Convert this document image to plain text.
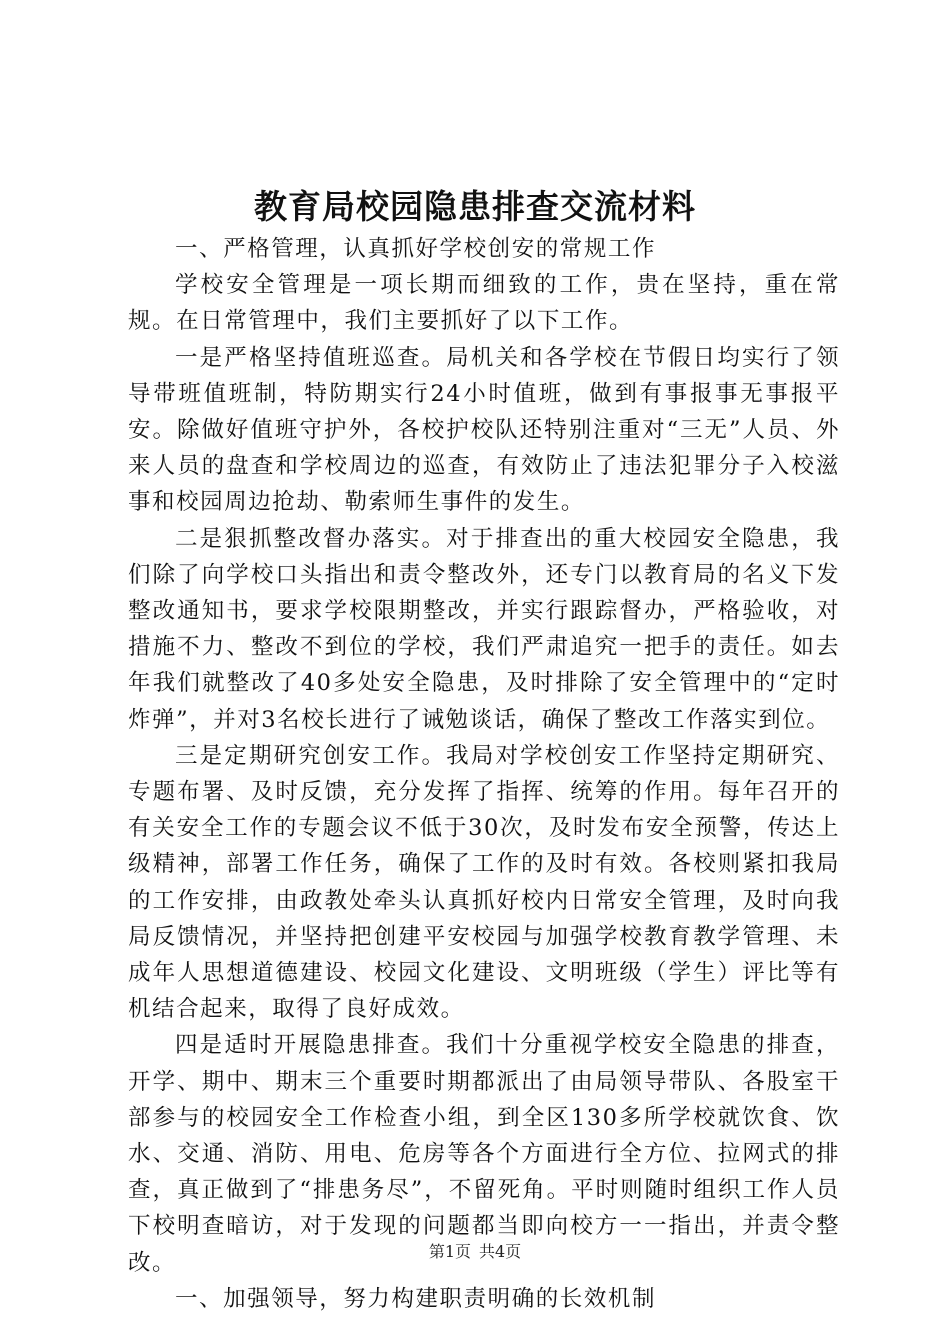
教育局校园隐患排查交流材料

一、严格管理，认真抓好学校创安的常规工作

学校安全管理是一项长期而细致的工作，贵在坚持，重在常规。在日常管理中，我们主要抓好了以下工作。

一是严格坚持值班巡查。局机关和各学校在节假日均实行了领导带班值班制，特防期实行24小时值班，做到有事报事无事报平安。除做好值班守护外，各校护校队还特别注重对“三无”人员、外来人员的盘查和学校周边的巡查，有效防止了违法犯罪分子入校滋事和校园周边抢劫、勒索师生事件的发生。

二是狠抓整改督办落实。对于排查出的重大校园安全隐患，我们除了向学校口头指出和责令整改外，还专门以教育局的名义下发整改通知书，要求学校限期整改，并实行跟踪督办，严格验收，对措施不力、整改不到位的学校，我们严肃追究一把手的责任。如去年我们就整改了40多处安全隐患，及时排除了安全管理中的“定时炸弹”，并对3名校长进行了诫勉谈话，确保了整改工作落实到位。

三是定期研究创安工作。我局对学校创安工作坚持定期研究、专题布署、及时反馈，充分发挥了指挥、统筹的作用。每年召开的有关安全工作的专题会议不低于30次，及时发布安全预警，传达上级精神，部署工作任务，确保了工作的及时有效。各校则紧扣我局的工作安排，由政教处牵头认真抓好校内日常安全管理，及时向我局反馈情况，并坚持把创建平安校园与加强学校教育教学管理、未成年人思想道德建设、校园文化建设、文明班级（学生）评比等有机结合起来，取得了良好成效。

四是适时开展隐患排查。我们十分重视学校安全隐患的排查，开学、期中、期末三个重要时期都派出了由局领导带队、各股室干部参与的校园安全工作检查小组，到全区130多所学校就饮食、饮水、交通、消防、用电、危房等各个方面进行全方位、拉网式的排查，真正做到了“排患务尽”，不留死角。平时则随时组织工作人员下校明查暗访，对于发现的问题都当即向校方一一指出，并责令整改。

一、加强领导，努力构建职责明确的长效机制

第1页 共4页
